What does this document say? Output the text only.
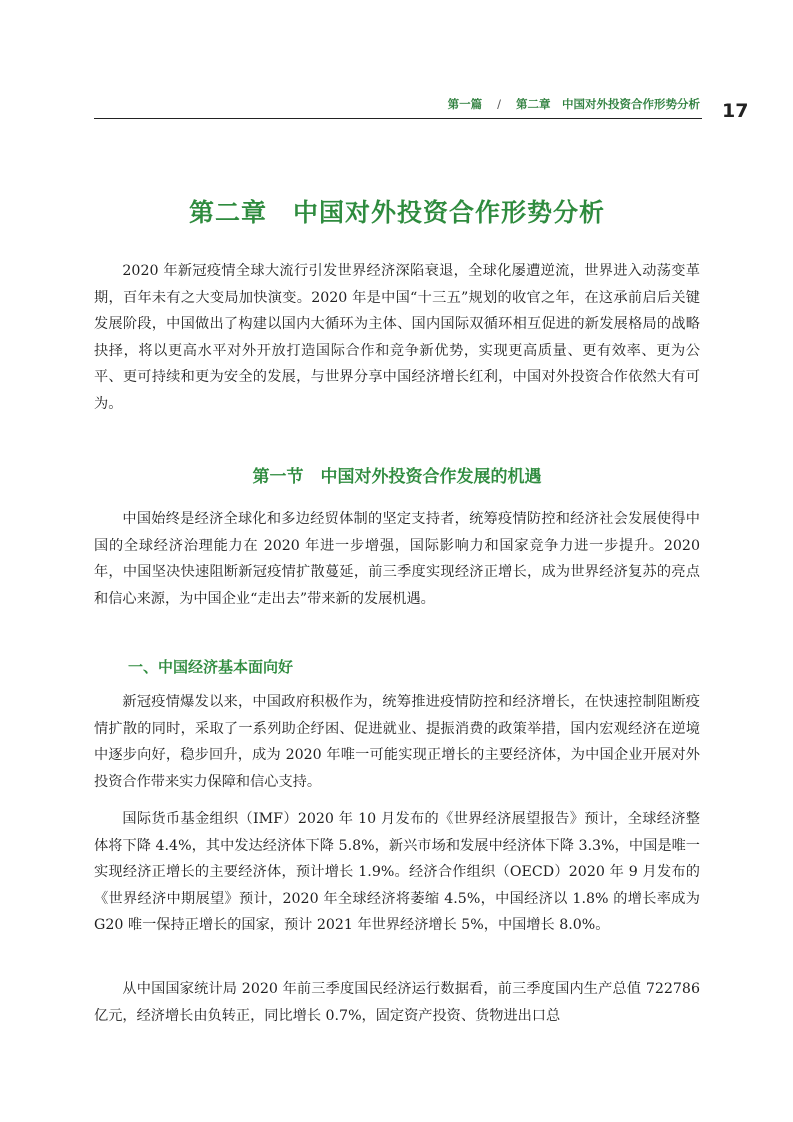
第一篇 / 第二章　中国对外投资合作形势分析 17
第二章　中国对外投资合作形势分析

2020 年新冠疫情全球大流行引发世界经济深陷衰退，全球化屡遭逆流，世界进入动荡变革期，百年未有之大变局加快演变。2020 年是中国“十三五”规划的收官之年，在这承前启后关键发展阶段，中国做出了构建以国内大循环为主体、国内国际双循环相互促进的新发展格局的战略抉择，将以更高水平对外开放打造国际合作和竞争新优势，实现更高质量、更有效率、更为公平、更可持续和更为安全的发展，与世界分享中国经济增长红利，中国对外投资合作依然大有可为。

第一节　中国对外投资合作发展的机遇

中国始终是经济全球化和多边经贸体制的坚定支持者，统筹疫情防控和经济社会发展使得中国的全球经济治理能力在 2020 年进一步增强，国际影响力和国家竞争力进一步提升。2020 年，中国坚决快速阻断新冠疫情扩散蔓延，前三季度实现经济正增长，成为世界经济复苏的亮点和信心来源，为中国企业“走出去”带来新的发展机遇。

一、中国经济基本面向好

新冠疫情爆发以来，中国政府积极作为，统筹推进疫情防控和经济增长，在快速控制阻断疫情扩散的同时，采取了一系列助企纾困、促进就业、提振消费的政策举措，国内宏观经济在逆境中逐步向好，稳步回升，成为 2020 年唯一可能实现正增长的主要经济体，为中国企业开展对外投资合作带来实力保障和信心支持。

国际货币基金组织（IMF）2020 年 10 月发布的《世界经济展望报告》预计，全球经济整体将下降 4.4%，其中发达经济体下降 5.8%，新兴市场和发展中经济体下降 3.3%，中国是唯一实现经济正增长的主要经济体，预计增长 1.9%。经济合作组织（OECD）2020 年 9 月发布的《世界经济中期展望》预计，2020 年全球经济将萎缩 4.5%，中国经济以 1.8% 的增长率成为 G20 唯一保持正增长的国家，预计 2021 年世界经济增长 5%，中国增长 8.0%。

从中国国家统计局 2020 年前三季度国民经济运行数据看，前三季度国内生产总值 722786 亿元，经济增长由负转正，同比增长 0.7%，固定资产投资、货物进出口总
